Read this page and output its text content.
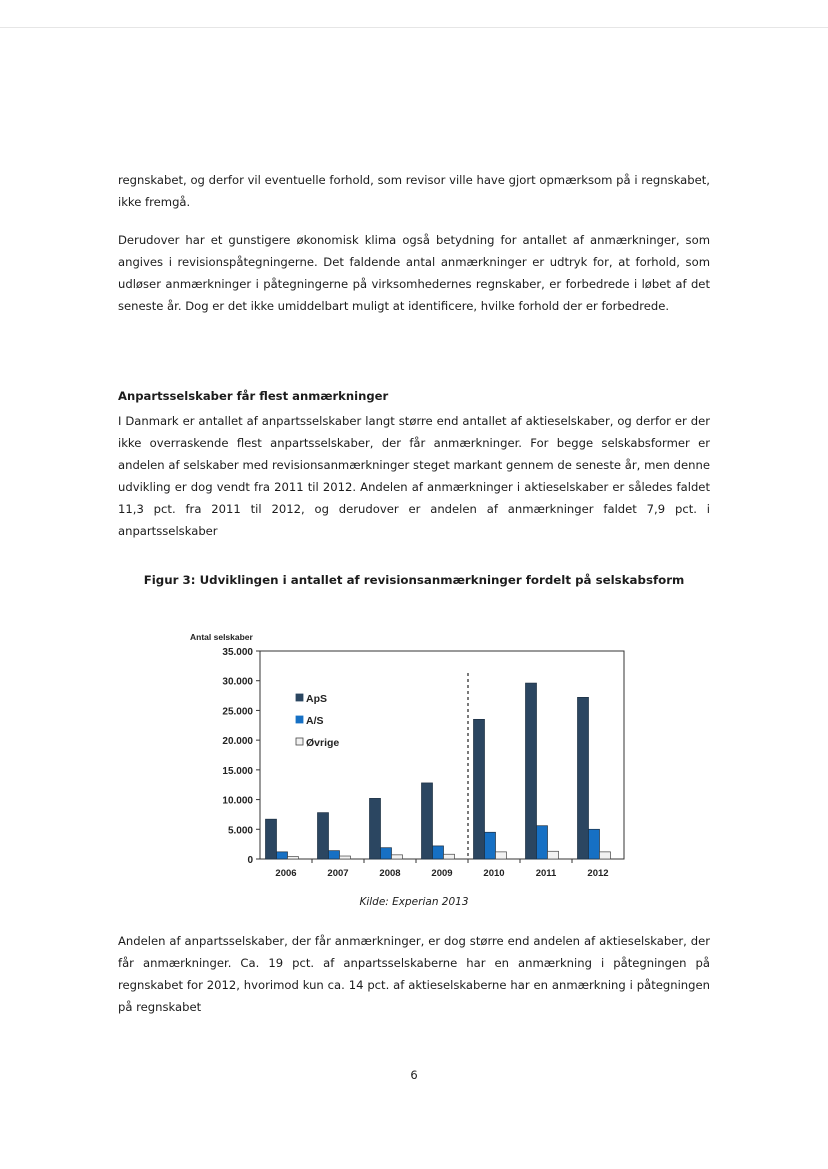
regnskabet, og derfor vil eventuelle forhold, som revisor ville have gjort opmærksom på i regnskabet, ikke fremgå.

Derudover har et gunstigere økonomisk klima også betydning for antallet af anmærkninger, som angives i revisionspåtegningerne. Det faldende antal anmærkninger er udtryk for, at forhold, som udløser anmærkninger i påtegningerne på virksomhedernes regnskaber, er forbedrede i løbet af det seneste år. Dog er det ikke umiddelbart muligt at identificere, hvilke forhold der er forbedrede.

Anpartsselskaber får flest anmærkninger

I Danmark er antallet af anpartsselskaber langt større end antallet af aktieselskaber, og derfor er der ikke overraskende flest anpartsselskaber, der får anmærkninger. For begge selskabsformer er andelen af selskaber med revisionsanmærkninger steget markant gennem de seneste år, men denne udvikling er dog vendt fra 2011 til 2012. Andelen af anmærkninger i aktieselskaber er således faldet 11,3 pct. fra 2011 til 2012, og derudover er andelen af anmærkninger faldet 7,9 pct. i anpartsselskaber

Figur 3: Udviklingen i antallet af revisionsanmærkninger fordelt på selskabsform

Antal selskaber
0
5.000
10.000
15.000
20.000
25.000
30.000
35.000
2006	2007	2008	2009	2010	2011	2012
ApS
A/S
Øvrige

Kilde: Experian 2013

Andelen af anpartsselskaber, der får anmærkninger, er dog større end andelen af aktieselskaber, der får anmærkninger. Ca. 19 pct. af anpartsselskaberne har en anmærkning i påtegningen på regnskabet for 2012, hvorimod kun ca. 14 pct. af aktieselskaberne har en anmærkning i påtegningen på regnskabet

6
